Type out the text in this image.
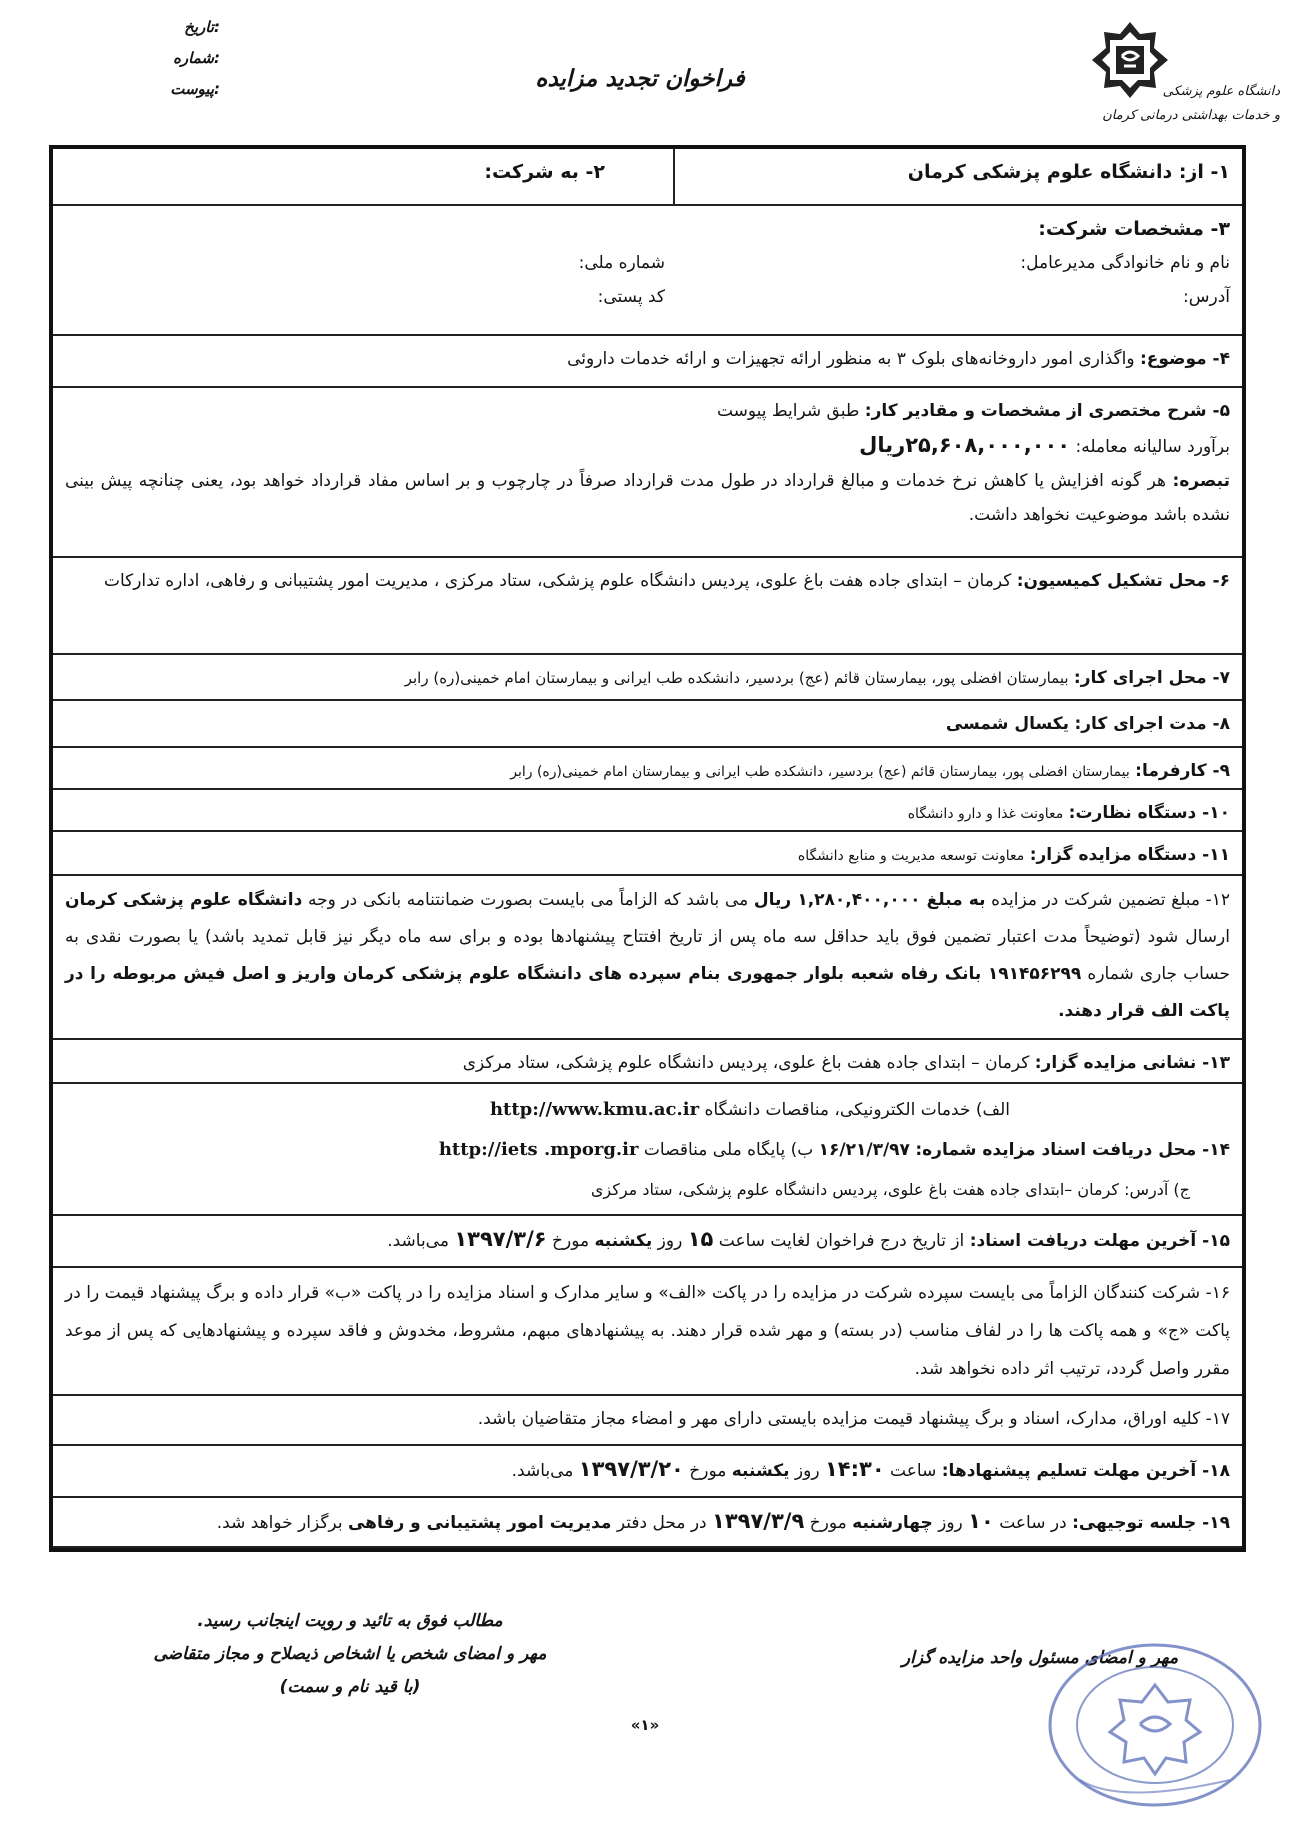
تاریخ:
شماره:
پیوست:	فراخوان تجدید مزایده	دانشگاه علوم پزشکی
و خدمات بهداشتی درمانی کرمان
۱- از: دانشگاه علوم پزشکی کرمان
۲- به شرکت:
۳- مشخصات شرکت:
نام و نام خانوادگی مدیرعامل:
شماره ملی:
آدرس:
کد پستی:
۴- موضوع: واگذاری امور داروخانه‌های بلوک ۳ به منظور ارائه تجهیزات و ارائه خدمات داروئی
۵- شرح مختصری از مشخصات و مقادیر کار: طبق شرایط پیوست
برآورد سالیانه معامله: ۲۵,۶۰۸,۰۰۰,۰۰۰ریال
تبصره: هر گونه افزایش یا کاهش نرخ خدمات و مبالغ قرارداد در طول مدت قرارداد صرفاً در چارچوب و بر اساس مفاد قرارداد خواهد بود، یعنی چنانچه پیش بینی نشده باشد موضوعیت نخواهد داشت.
۶- محل تشکیل کمیسیون: کرمان – ابتدای جاده هفت باغ علوی، پردیس دانشگاه علوم پزشکی، ستاد مرکزی ، مدیریت امور پشتیبانی و رفاهی، اداره تدارکات
۷- محل اجرای کار: بیمارستان افضلی پور، بیمارستان قائم (عج) بردسیر، دانشکده طب ایرانی و بیمارستان امام خمینی(ره) رابر
۸- مدت اجرای کار: یکسال شمسی
۹- کارفرما: بیمارستان افضلی پور، بیمارستان قائم (عج) بردسیر، دانشکده طب ایرانی و بیمارستان امام خمینی(ره) رابر
۱۰- دستگاه نظارت: معاونت غذا و دارو دانشگاه
۱۱- دستگاه مزایده گزار: معاونت توسعه مدیریت و منابع دانشگاه
۱۲- مبلغ تضمین شرکت در مزایده به مبلغ ۱,۲۸۰,۴۰۰,۰۰۰ ریال می باشد که الزاماً می بایست بصورت ضمانتنامه بانکی در وجه دانشگاه علوم پزشکی کرمان ارسال شود (توضیحاً مدت اعتبار تضمین فوق باید حداقل سه ماه پس از تاریخ افتتاح پیشنهادها بوده و برای سه ماه دیگر نیز قابل تمدید باشد) یا بصورت نقدی به حساب جاری شماره ۱۹۱۴۵۶۲۹۹ بانک رفاه شعبه بلوار جمهوری بنام سپرده های دانشگاه علوم پزشکی کرمان واریز و اصل فیش مربوطه را در پاکت الف قرار دهند.
۱۳- نشانی مزایده گزار: کرمان – ابتدای جاده هفت باغ علوی، پردیس دانشگاه علوم پزشکی، ستاد مرکزی
الف) خدمات الکترونیکی، مناقصات دانشگاه http://www.kmu.ac.ir
۱۴- محل دریافت اسناد مزایده شماره: ۱۶/۲۱/۳/۹۷ ب) پایگاه ملی مناقصات http://iets .mporg.ir
ج) آدرس: کرمان –ابتدای جاده هفت باغ علوی، پردیس دانشگاه علوم پزشکی، ستاد مرکزی
۱۵- آخرین مهلت دریافت اسناد: از تاریخ درج فراخوان لغایت ساعت ۱۵ روز یکشنبه مورخ ۱۳۹۷/۳/۶ می‌باشد.
۱۶- شرکت کنندگان الزاماً می بایست سپرده شرکت در مزایده را در پاکت «الف» و سایر مدارک و اسناد مزایده را در پاکت «ب» قرار داده و برگ پیشنهاد قیمت را در پاکت «ج» و همه پاکت ها را در لفاف مناسب (در بسته) و مهر شده قرار دهند. به پیشنهادهای مبهم، مشروط، مخدوش و فاقد سپرده و پیشنهادهایی که پس از موعد مقرر واصل گردد، ترتیب اثر داده نخواهد شد.
۱۷- کلیه اوراق، مدارک، اسناد و برگ پیشنهاد قیمت مزایده بایستی دارای مهر و امضاء مجاز متقاضیان باشد.
۱۸- آخرین مهلت تسلیم پیشنهادها: ساعت ۱۴:۳۰ روز یکشنبه مورخ ۱۳۹۷/۳/۲۰ می‌باشد.
۱۹- جلسه توجیهی: در ساعت ۱۰ روز چهارشنبه مورخ ۱۳۹۷/۳/۹ در محل دفتر مدیریت امور پشتیبانی و رفاهی برگزار خواهد شد.
مطالب فوق به تائید و رویت اینجانب رسید.
مهر و امضای شخص یا اشخاص ذیصلاح و مجاز متقاضی
(با قید نام و سمت)
مهر و امضای مسئول واحد مزایده گزار
«۱»
